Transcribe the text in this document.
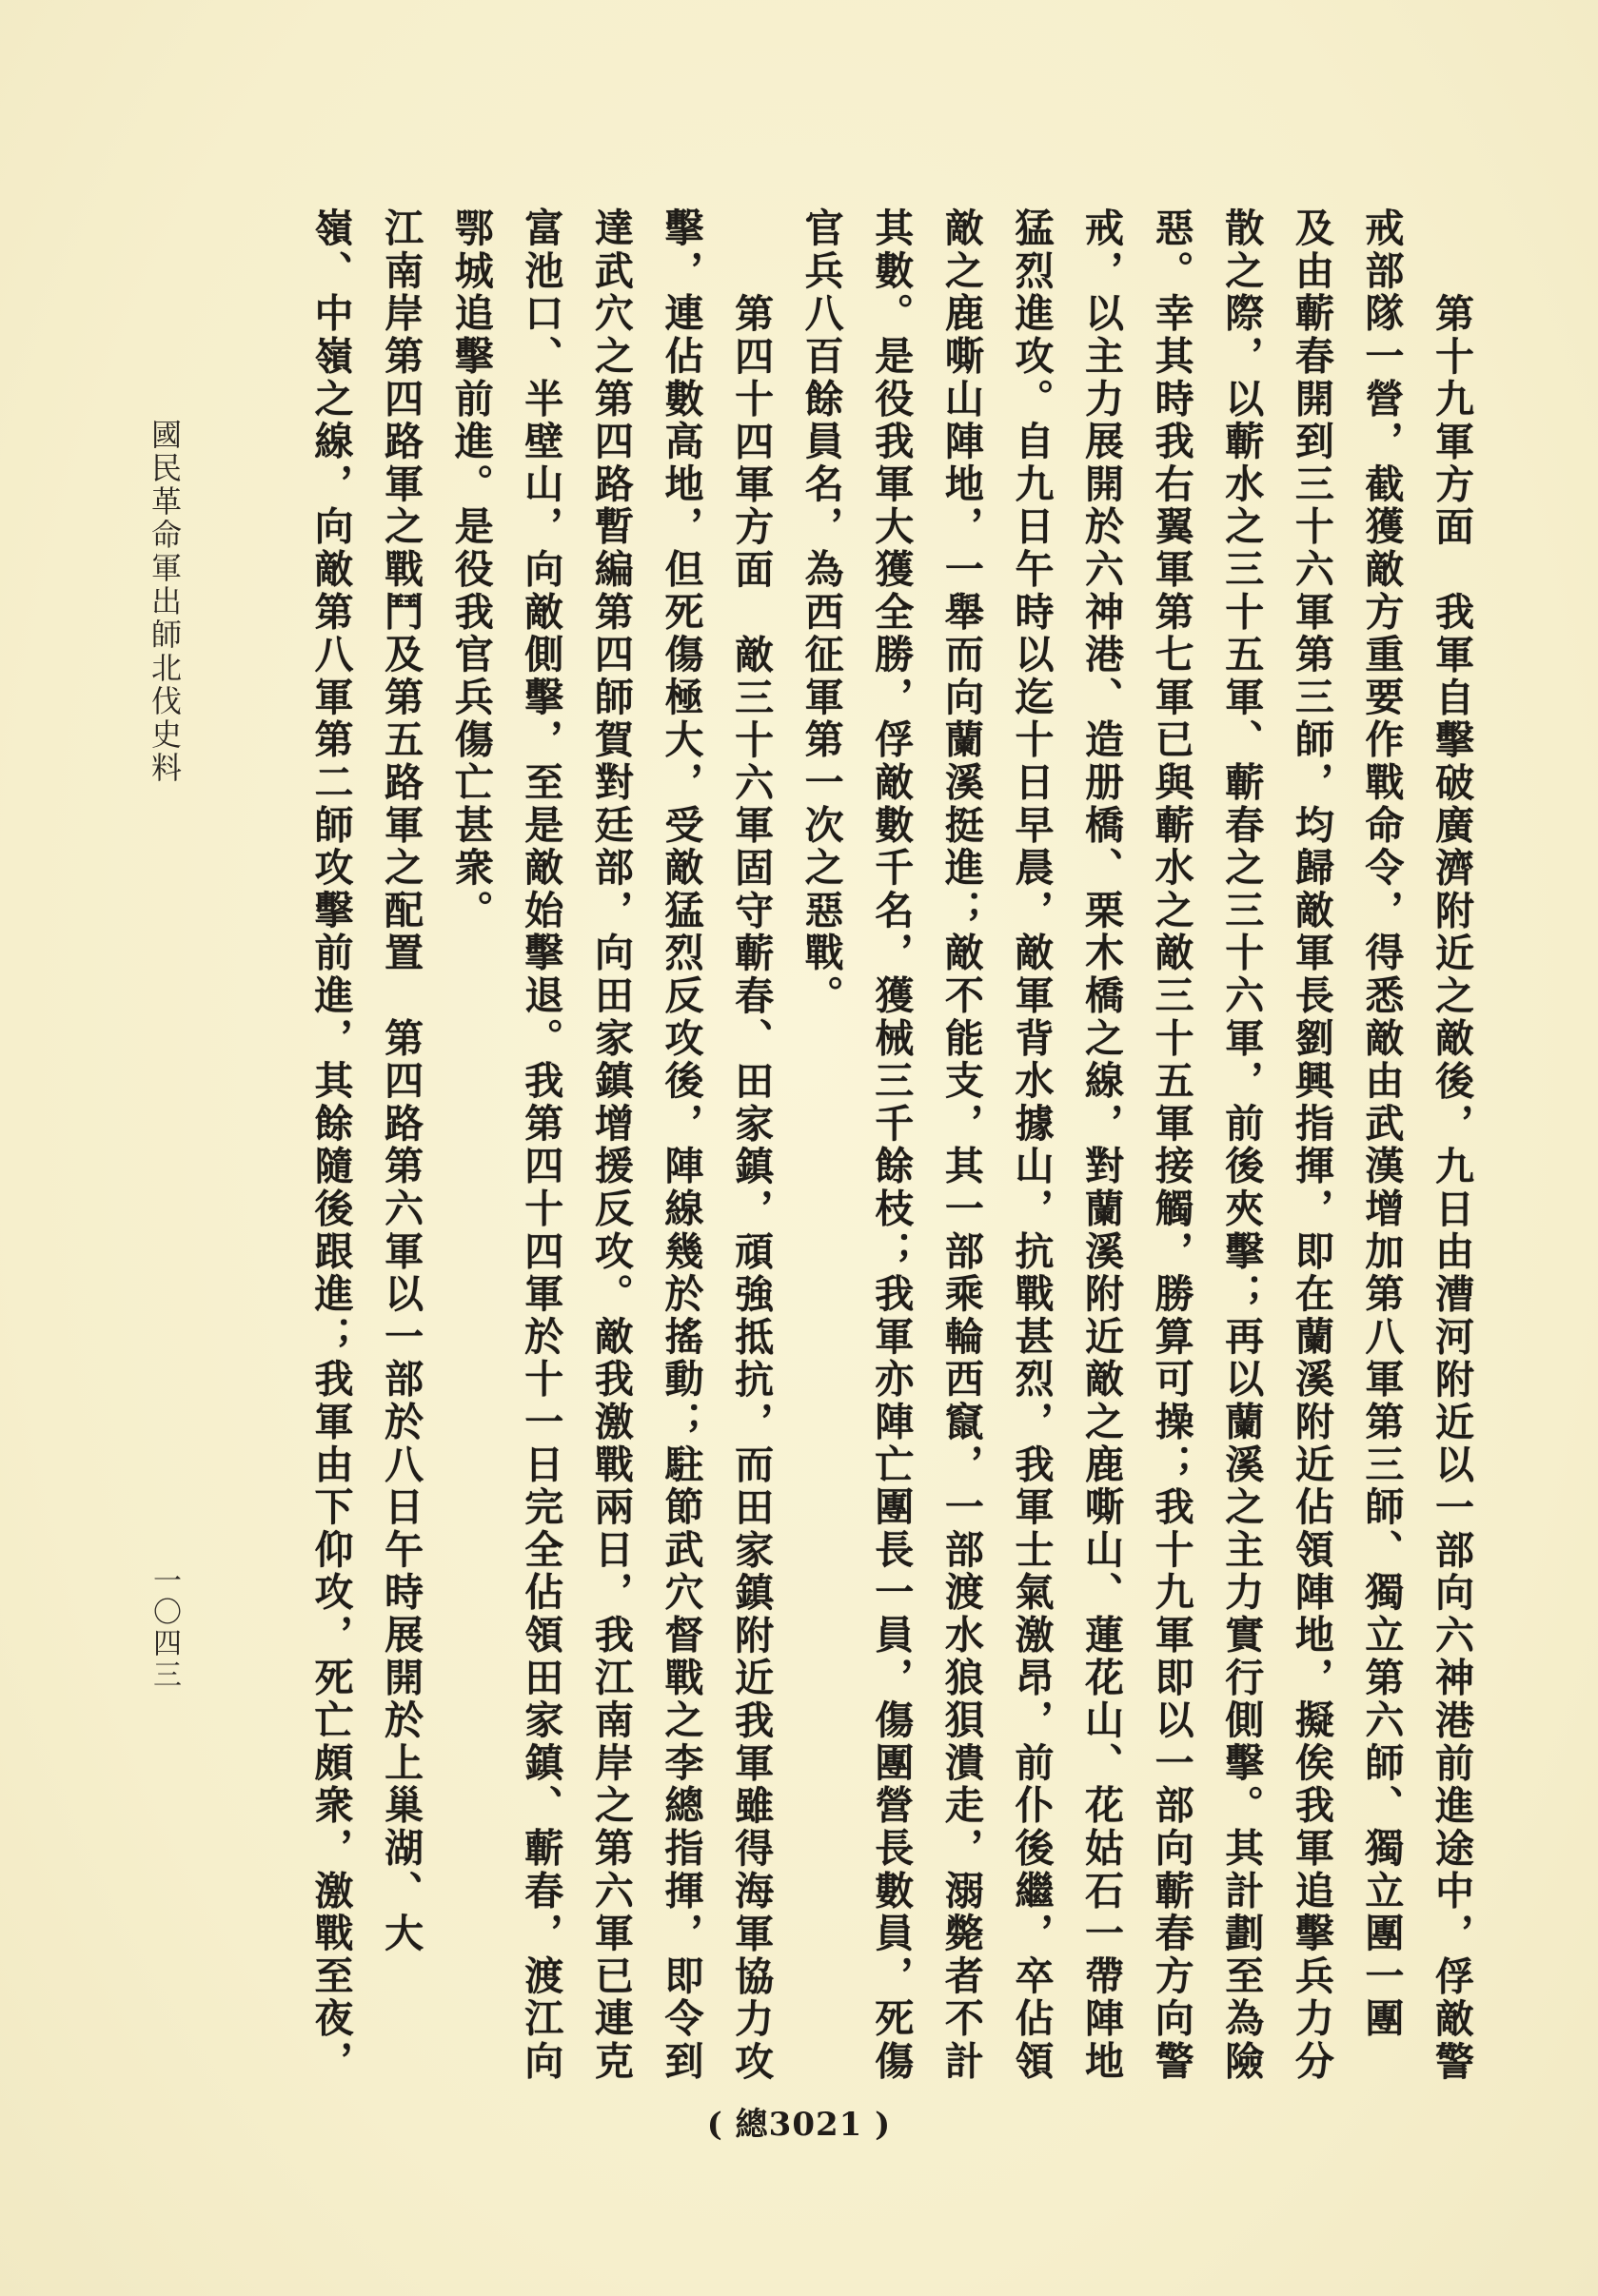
第十九軍方面　我軍自擊破廣濟附近之敵後，九日由漕河附近以一部向六神港前進途中，俘敵警
戒部隊一營，截獲敵方重要作戰命令，得悉敵由武漢增加第八軍第三師、獨立第六師、獨立團一團
及由蘄春開到三十六軍第三師，均歸敵軍長劉興指揮，即在蘭溪附近佔領陣地，擬俟我軍追擊兵力分
散之際，以蘄水之三十五軍、蘄春之三十六軍，前後夾擊；再以蘭溪之主力實行側擊。其計劃至為險
惡。幸其時我右翼軍第七軍已與蘄水之敵三十五軍接觸，勝算可操；我十九軍即以一部向蘄春方向警
戒，以主力展開於六神港、造册橋、栗木橋之線，對蘭溪附近敵之鹿嘶山、蓮花山、花姑石一帶陣地
猛烈進攻。自九日午時以迄十日早晨，敵軍背水據山，抗戰甚烈，我軍士氣激昂，前仆後繼，卒佔領
敵之鹿嘶山陣地，一舉而向蘭溪挺進；敵不能支，其一部乘輪西竄，一部渡水狼狽潰走，溺斃者不計
其數。是役我軍大獲全勝，俘敵數千名，獲械三千餘枝；我軍亦陣亡團長一員，傷團營長數員，死傷
官兵八百餘員名，為西征軍第一次之惡戰。
第四十四軍方面　敵三十六軍固守蘄春、田家鎮，頑強抵抗，而田家鎮附近我軍雖得海軍協力攻
擊，連佔數高地，但死傷極大，受敵猛烈反攻後，陣線幾於搖動；駐節武穴督戰之李總指揮，即令到
達武穴之第四路暫編第四師賀對廷部，向田家鎮增援反攻。敵我激戰兩日，我江南岸之第六軍已連克
富池口、半壁山，向敵側擊，至是敵始擊退。我第四十四軍於十一日完全佔領田家鎮、蘄春，渡江向
鄂城追擊前進。是役我官兵傷亡甚衆。
江南岸第四路軍之戰鬥及第五路軍之配置　第四路第六軍以一部於八日午時展開於上巢湖、大
嶺、中嶺之線，向敵第八軍第二師攻擊前進，其餘隨後跟進；我軍由下仰攻，死亡頗衆，激戰至夜，
國民革命軍出師北伐史料
一〇四三
( 總3021 )
